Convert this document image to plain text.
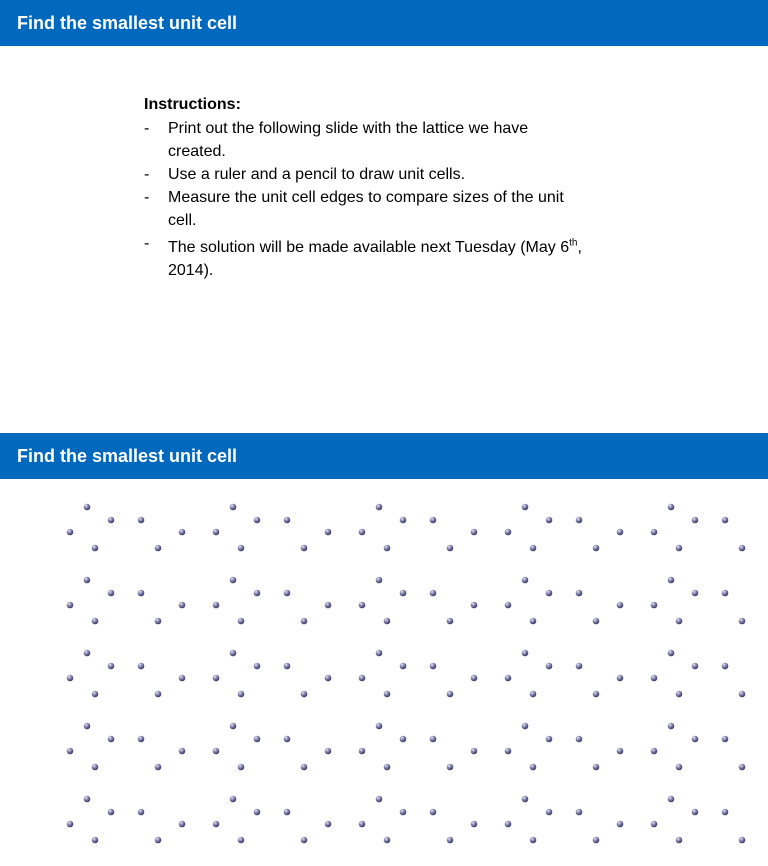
Find the smallest unit cell
Instructions:
- Print out the following slide with the lattice we have created.
- Use a ruler and a pencil to draw unit cells.
- Measure the unit cell edges to compare sizes of the unit cell.
- The solution will be made available next Tuesday (May 6th, 2014).
Find the smallest unit cell
